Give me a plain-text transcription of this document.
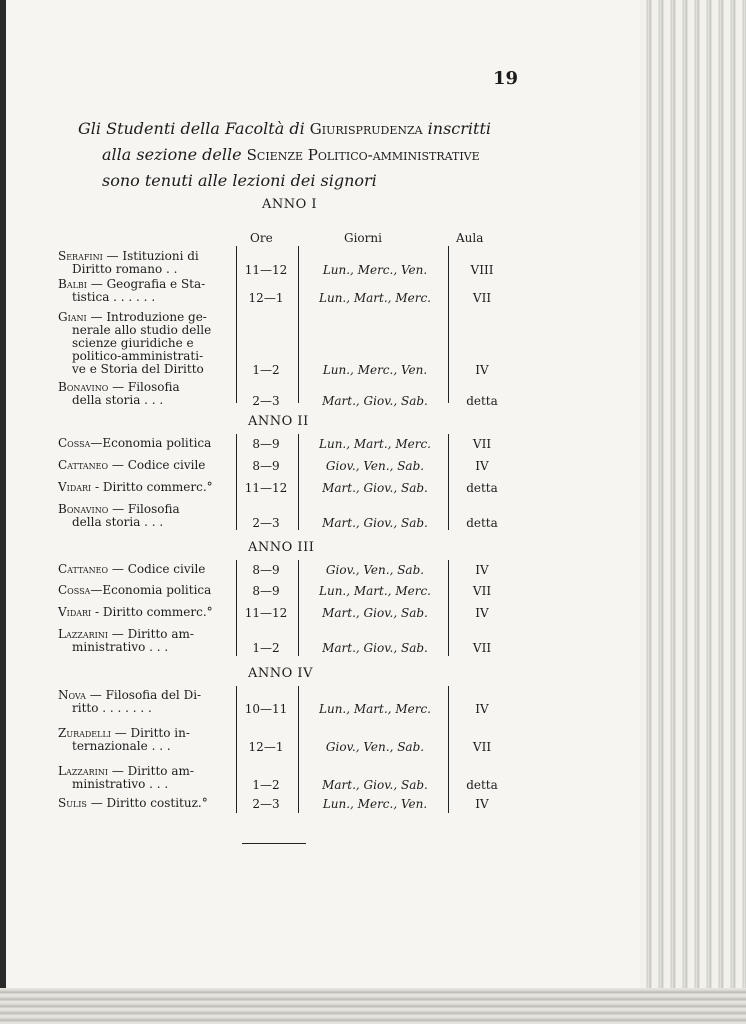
19
Gli Studenti della Facoltà di Giurisprudenza inscritti
alla sezione delle Scienze Politico-amministrative
sono tenuti alle lezioni dei signori
Ore	Giorni	Aula
Serafini — Istituzioni di
Diritto romano . .	11—12	Lun., Merc., Ven.	VIII
Balbi — Geografia e Sta-
tistica . . . . . .	12—1	Lun., Mart., Merc.	VII
Giani — Introduzione ge-
nerale allo studio delle
scienze giuridiche e
politico-amministrati-
ve e Storia del Diritto	1—2	Lun., Merc., Ven.	IV
Bonavino — Filosofia
della storia . . .	2—3	Mart., Giov., Sab.	detta
Cossa—Economia politica	8—9	Lun., Mart., Merc.	VII
Cattaneo — Codice civile	8—9	Giov., Ven., Sab.	IV
Vidari - Diritto commerc.°	11—12	Mart., Giov., Sab.	detta
Bonavino — Filosofia
della storia . . .	2—3	Mart., Giov., Sab.	detta
Cattaneo — Codice civile	8—9	Giov., Ven., Sab.	IV
Cossa—Economia politica	8—9	Lun., Mart., Merc.	VII
Vidari - Diritto commerc.°	11—12	Mart., Giov., Sab.	IV
Lazzarini — Diritto am-
ministrativo . . .	1—2	Mart., Giov., Sab.	VII
Nova — Filosofia del Di-
ritto . . . . . . .	10—11	Lun., Mart., Merc.	IV
Zuradelli — Diritto in-
ternazionale . . .	12—1	Giov., Ven., Sab.	VII
Lazzarini — Diritto am-
ministrativo . . .	1—2	Mart., Giov., Sab.	detta
Sulis — Diritto costituz.°	2—3	Lun., Merc., Ven.	IV
ANNO I
ANNO II
ANNO III
ANNO IV
